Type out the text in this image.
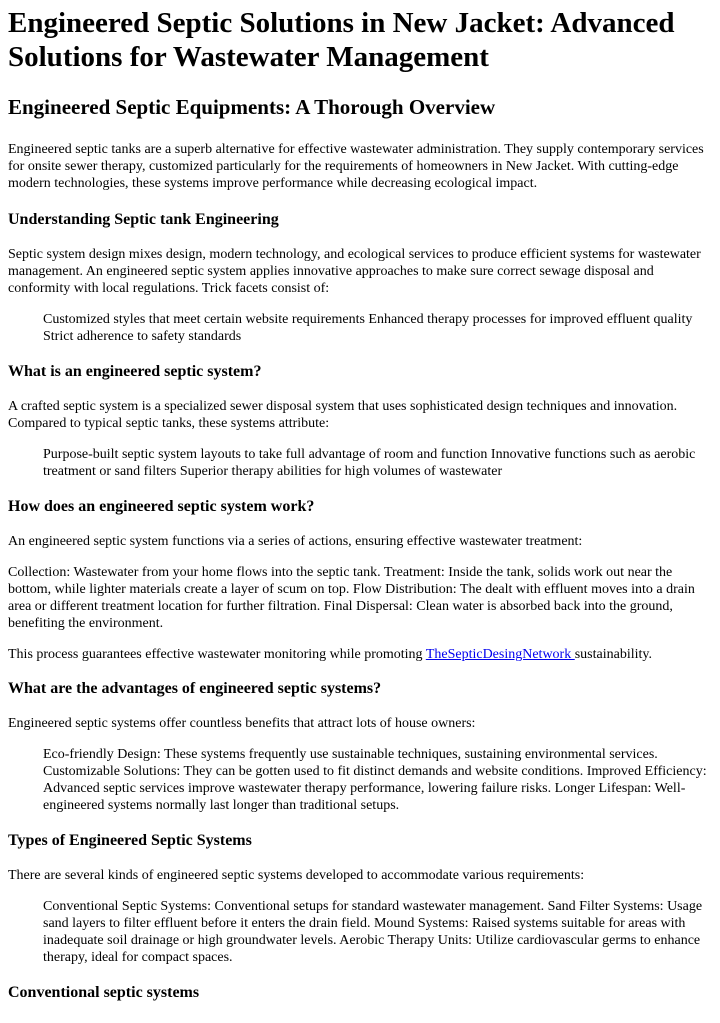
Engineered Septic Solutions in New Jacket: Advanced Solutions for Wastewater Management
Engineered Septic Equipments: A Thorough Overview

Engineered septic tanks are a superb alternative for effective wastewater administration. They supply contemporary services for onsite sewer therapy, customized particularly for the requirements of homeowners in New Jacket. With cutting-edge modern technologies, these systems improve performance while decreasing ecological impact.

Understanding Septic tank Engineering

Septic system design mixes design, modern technology, and ecological services to produce efficient systems for wastewater management. An engineered septic system applies innovative approaches to make sure correct sewage disposal and conformity with local regulations. Trick facets consist of:

Customized styles that meet certain website requirements Enhanced therapy processes for improved effluent quality Strict adherence to safety standards
What is an engineered septic system?

A crafted septic system is a specialized sewer disposal system that uses sophisticated design techniques and innovation. Compared to typical septic tanks, these systems attribute:

Purpose-built septic system layouts to take full advantage of room and function Innovative functions such as aerobic treatment or sand filters Superior therapy abilities for high volumes of wastewater
How does an engineered septic system work?

An engineered septic system functions via a series of actions, ensuring effective wastewater treatment:

Collection: Wastewater from your home flows into the septic tank. Treatment: Inside the tank, solids work out near the bottom, while lighter materials create a layer of scum on top. Flow Distribution: The dealt with effluent moves into a drain area or different treatment location for further filtration. Final Dispersal: Clean water is absorbed back into the ground, benefiting the environment.

This process guarantees effective wastewater monitoring while promoting TheSepticDesingNetwork sustainability.

What are the advantages of engineered septic systems?

Engineered septic systems offer countless benefits that attract lots of house owners:

Eco-friendly Design: These systems frequently use sustainable techniques, sustaining environmental services. Customizable Solutions: They can be gotten used to fit distinct demands and website conditions. Improved Efficiency: Advanced septic services improve wastewater therapy performance, lowering failure risks. Longer Lifespan: Well-engineered systems normally last longer than traditional setups.
Types of Engineered Septic Systems

There are several kinds of engineered septic systems developed to accommodate various requirements:

Conventional Septic Systems: Conventional setups for standard wastewater management. Sand Filter Systems: Usage sand layers to filter effluent before it enters the drain field. Mound Systems: Raised systems suitable for areas with inadequate soil drainage or high groundwater levels. Aerobic Therapy Units: Utilize cardiovascular germs to enhance therapy, ideal for compact spaces.
Conventional septic systems
